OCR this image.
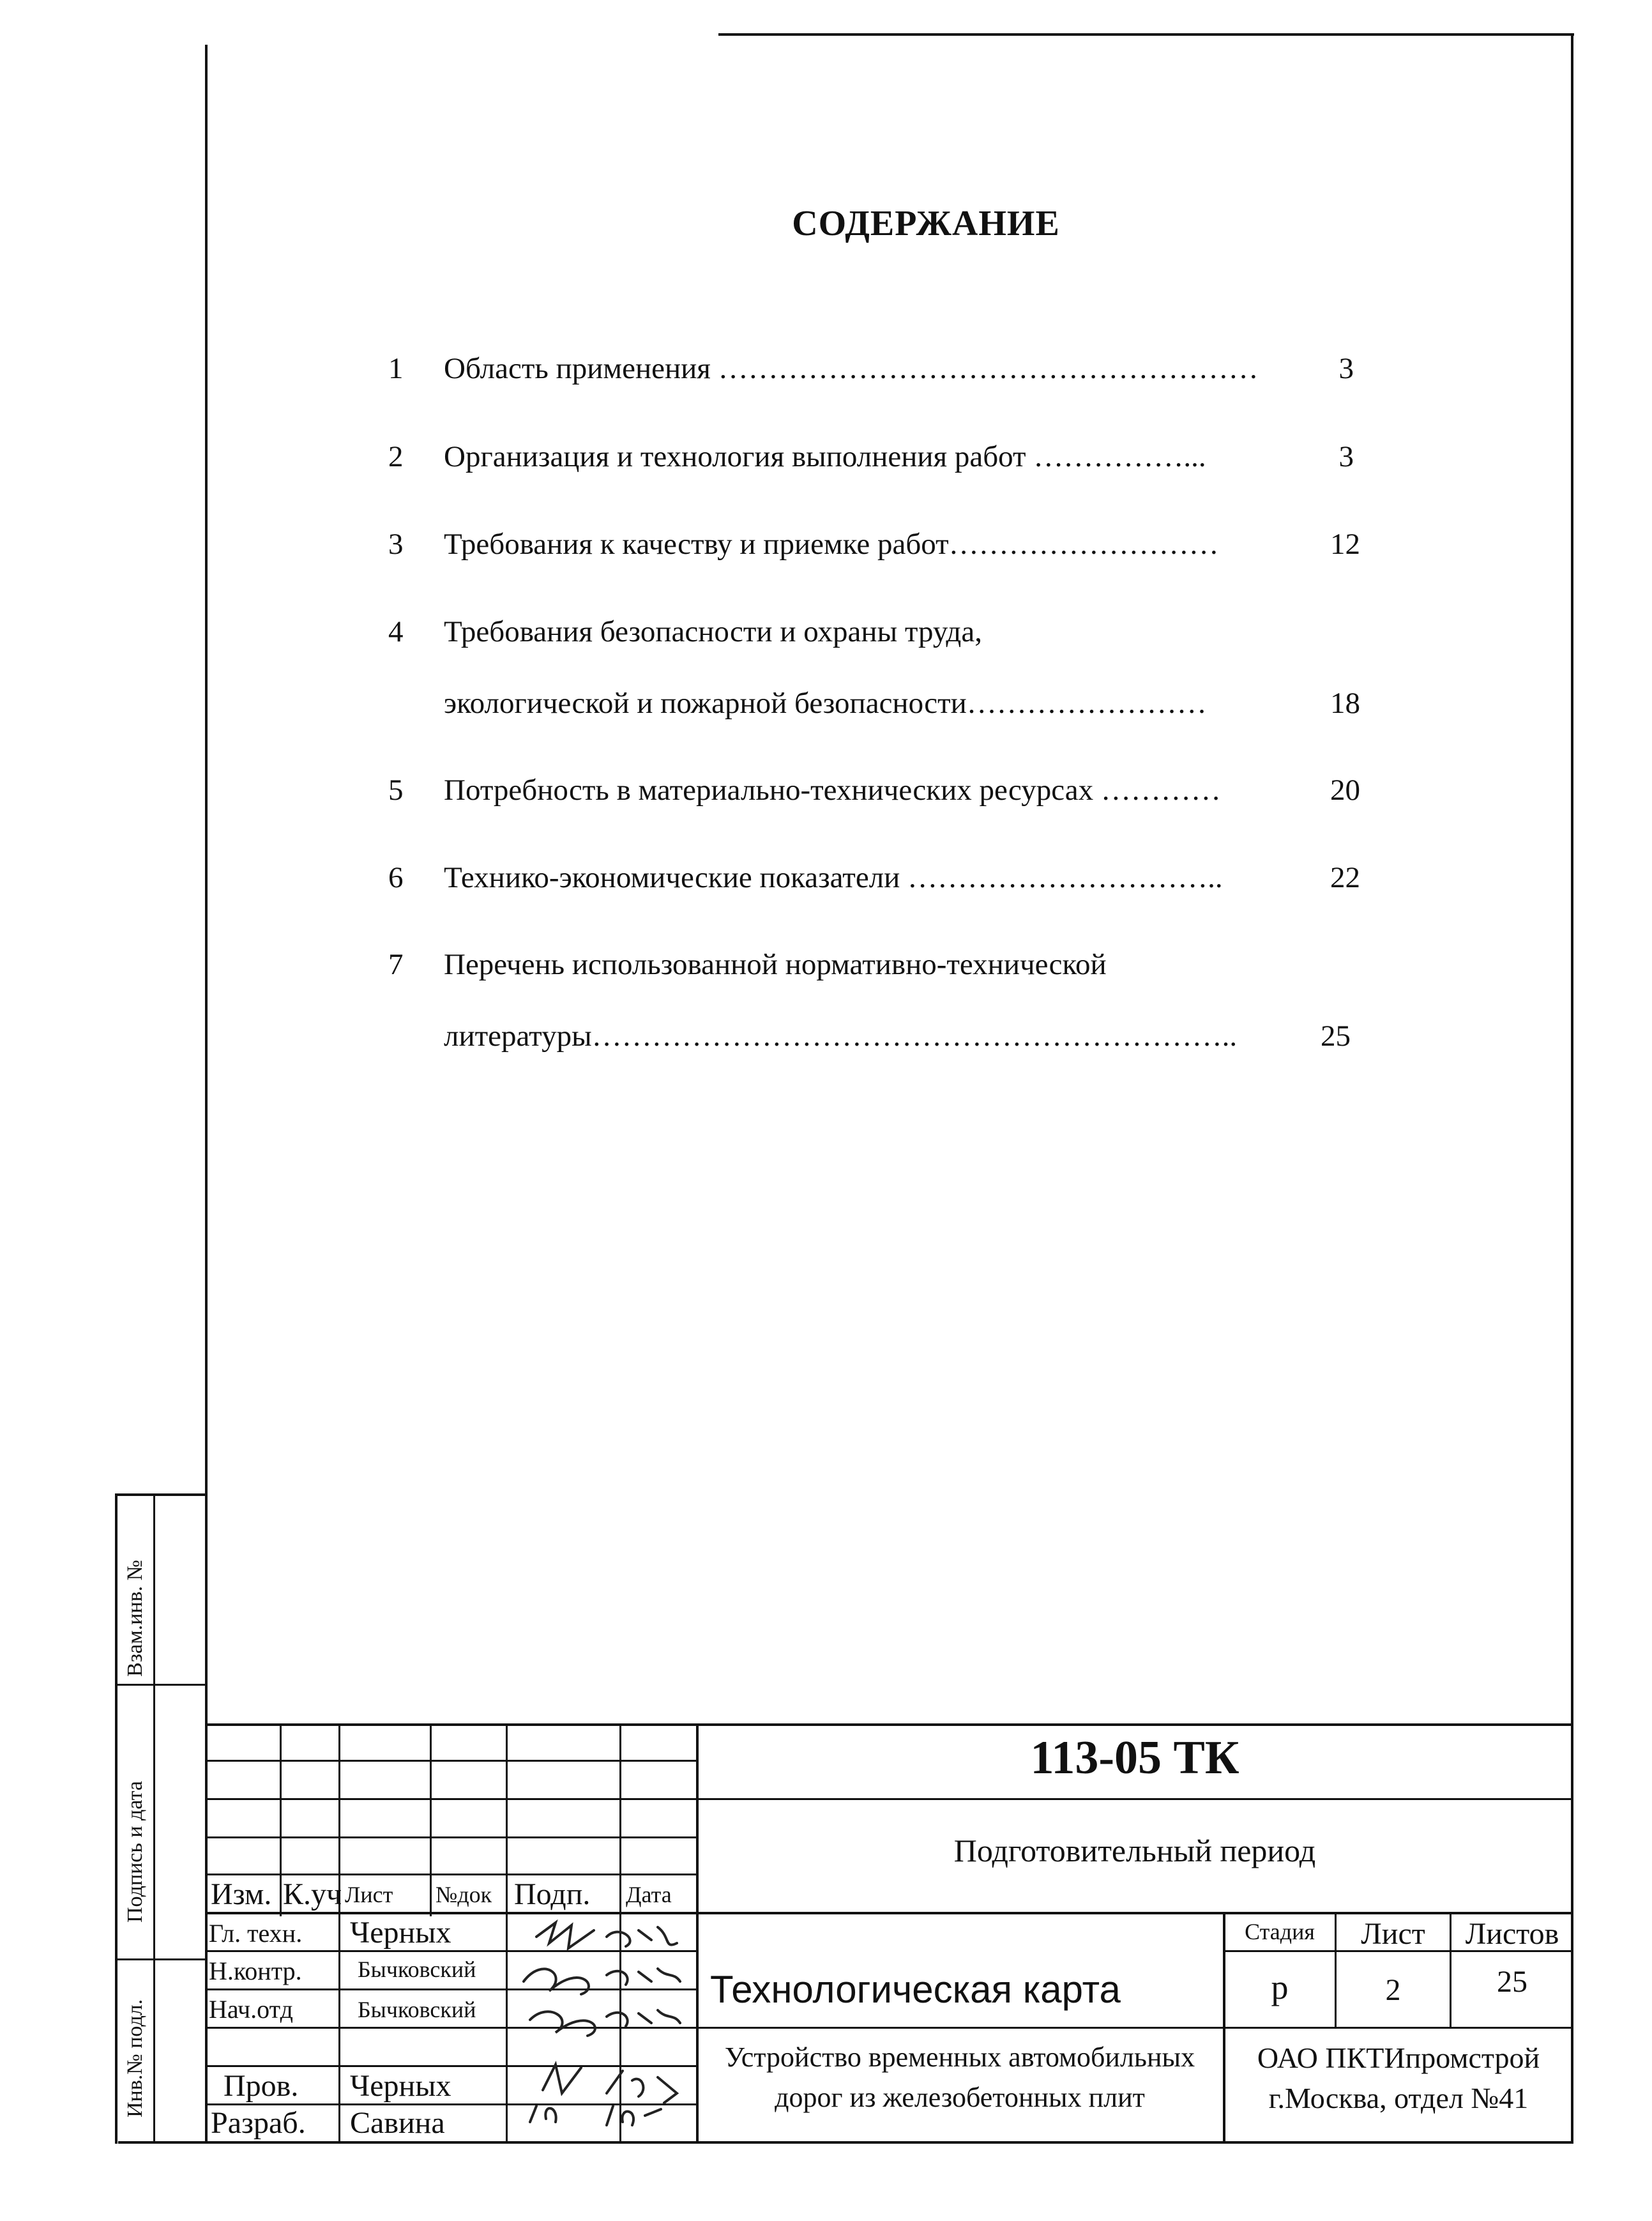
СОДЕРЖАНИЕ
1 Область применения ………………………………………………	3
2 Организация и технология выполнения работ ……………...	3
3 Требования к качеству и приемке работ………………………	12
4 Требования безопасности и охраны труда,
экологической и пожарной безопасности……………………	18
5 Потребность в материально-технических ресурсах …………	20
6 Технико-экономические показатели …………………………..	22
7 Перечень использованной нормативно-технической
литературы………………………………………………………..	25
Взам.инв. №
Подпись и дата
Инв.№ подл.
113-05 ТК
Подготовительный период
Изм. К.уч Лист №док Подп. Дата
Гл. техн. Черных
Н.контр. Бычковский
Нач.отд	Бычковский
Пров. Черных
Разраб. Савина
Технологическая карта
Устройство временных автомобильных
дорог из железобетонных плит
ОАО ПКТИпромстрой
г.Москва, отдел №41
Стадия	Лист	Листов
р	2	25
